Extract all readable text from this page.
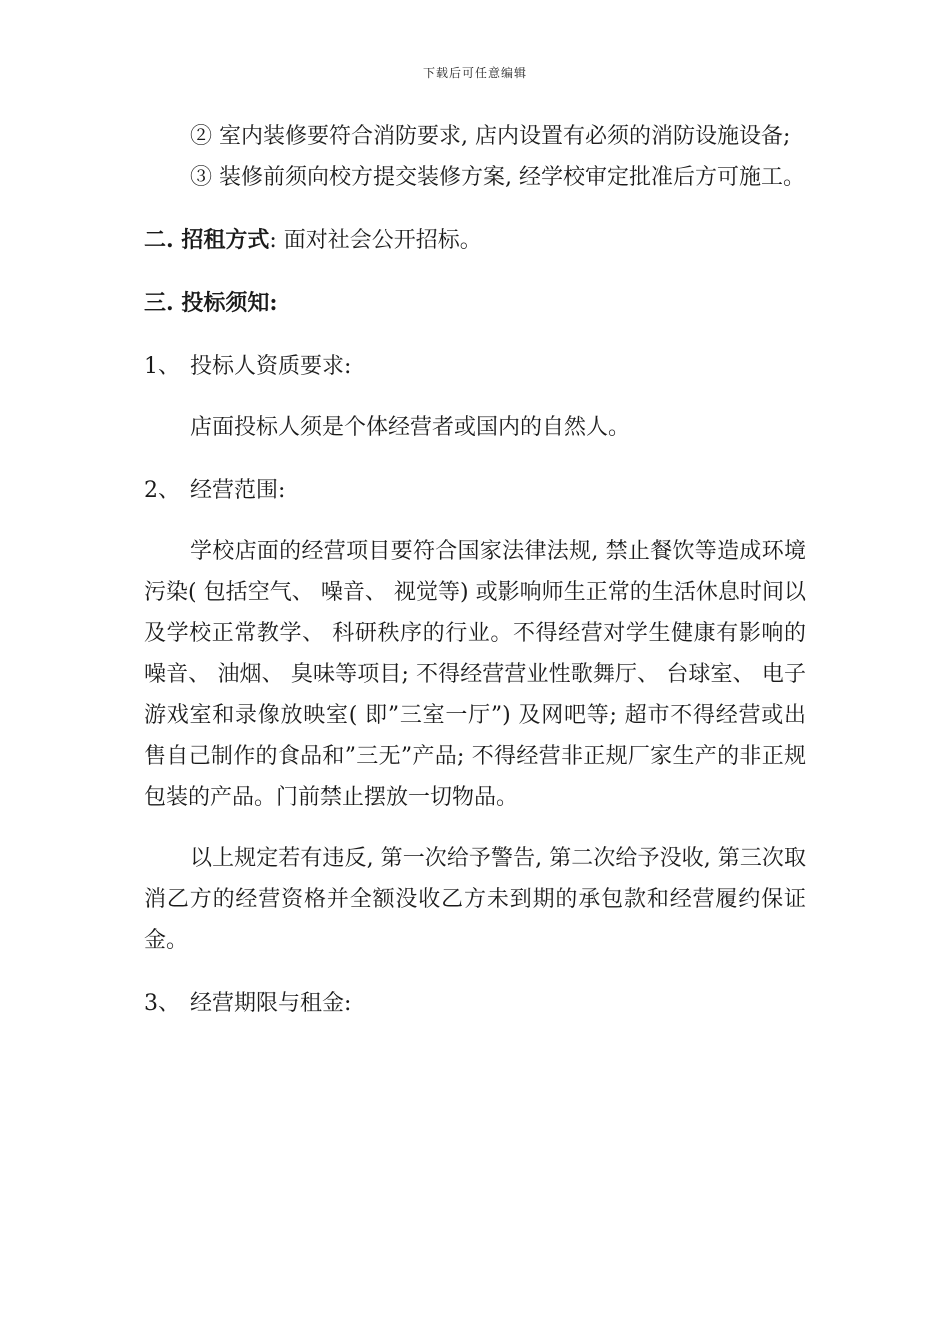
下载后可任意编辑

② 室内装修要符合消防要求, 店内设置有必须的消防设施设备;

③ 装修前须向校方提交装修方案, 经学校审定批准后方可施工。

二. 招租方式: 面对社会公开招标。

三. 投标须知:

1、 投标人资质要求:

店面投标人须是个体经营者或国内的自然人。

2、 经营范围:

学校店面的经营项目要符合国家法律法规, 禁止餐饮等造成环境污染( 包括空气、 噪音、 视觉等) 或影响师生正常的生活休息时间以及学校正常教学、 科研秩序的行业。不得经营对学生健康有影响的噪音、 油烟、 臭味等项目; 不得经营营业性歌舞厅、 台球室、 电子游戏室和录像放映室( 即”三室一厅”) 及网吧等; 超市不得经营或出售自己制作的食品和”三无”产品; 不得经营非正规厂家生产的非正规包装的产品。门前禁止摆放一切物品。

以上规定若有违反, 第一次给予警告, 第二次给予没收, 第三次取消乙方的经营资格并全额没收乙方未到期的承包款和经营履约保证金。

3、 经营期限与租金:
